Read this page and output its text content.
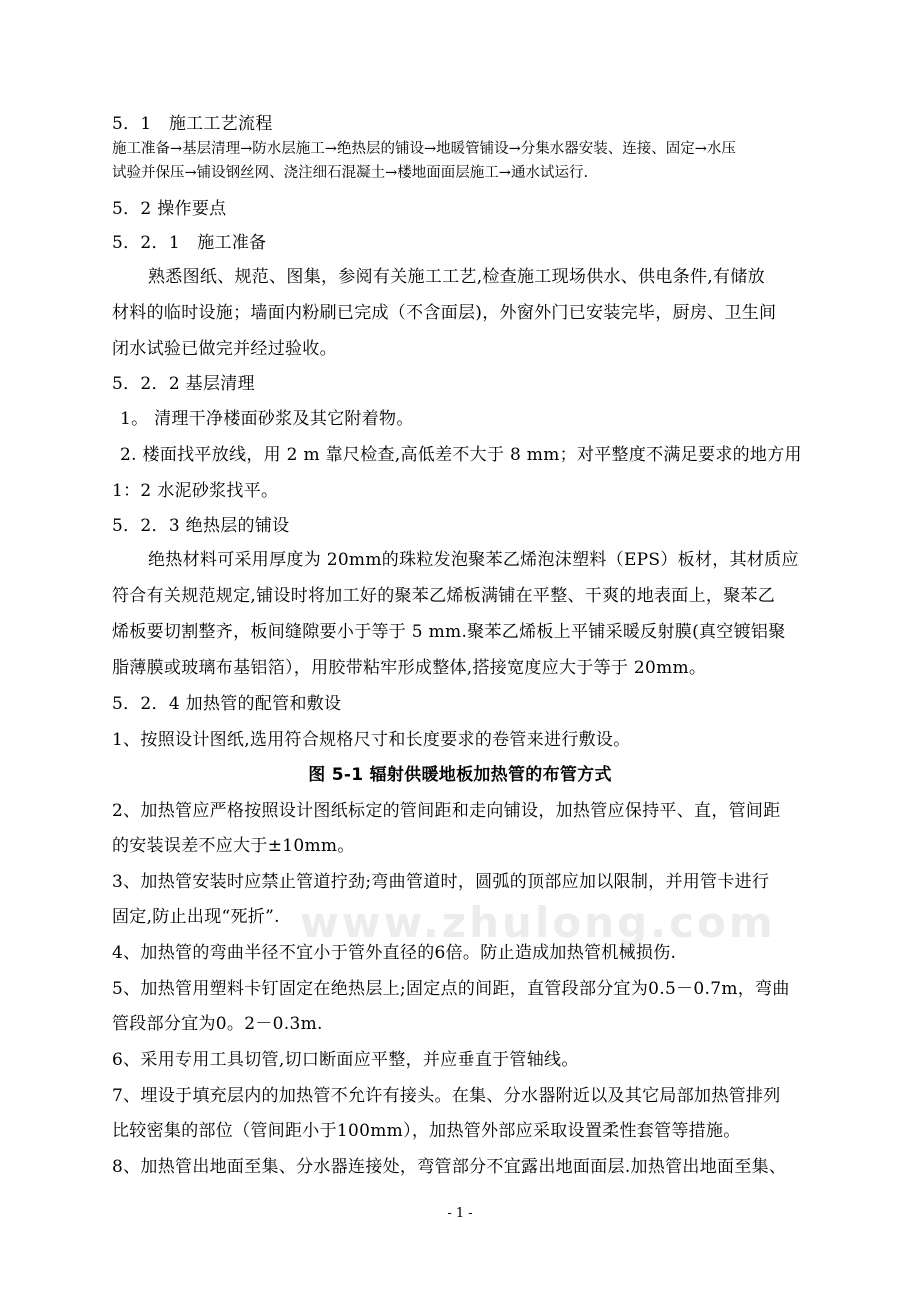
www.zhulong.com
5．1　施工工艺流程
施工准备→基层清理→防水层施工→绝热层的铺设→地暖管铺设→分集水器安装、连接、固定→水压
试验并保压→铺设钢丝网、浇注细石混凝土→楼地面面层施工→通水试运行.
5．2 操作要点
5．2．1　施工准备
熟悉图纸、规范、图集，参阅有关施工工艺,检查施工现场供水、供电条件,有储放
材料的临时设施；墙面内粉刷已完成（不含面层)，外窗外门已安装完毕，厨房、卫生间
闭水试验已做完并经过验收。
5．2．2 基层清理
1。 清理干净楼面砂浆及其它附着物。
2. 楼面找平放线，用 2 m 靠尺检查,高低差不大于 8 mm；对平整度不满足要求的地方用
1：2 水泥砂浆找平。
5．2．3 绝热层的铺设
绝热材料可采用厚度为 20mm的珠粒发泡聚苯乙烯泡沫塑料（EPS）板材，其材质应
符合有关规范规定,铺设时将加工好的聚苯乙烯板满铺在平整、干爽的地表面上，聚苯乙
烯板要切割整齐，板间缝隙要小于等于 5 mm.聚苯乙烯板上平铺采暖反射膜(真空镀铝聚
脂薄膜或玻璃布基铝箔），用胶带粘牢形成整体,搭接宽度应大于等于 20mm。
5．2．4 加热管的配管和敷设
1、按照设计图纸,选用符合规格尺寸和长度要求的卷管来进行敷设。
图 5-1 辐射供暖地板加热管的布管方式
2、加热管应严格按照设计图纸标定的管间距和走向铺设，加热管应保持平、直，管间距
的安装误差不应大于±10mm。
3、加热管安装时应禁止管道拧劲;弯曲管道时，圆弧的顶部应加以限制，并用管卡进行
固定,防止出现“死折”.
4、加热管的弯曲半径不宜小于管外直径的6倍。防止造成加热管机械损伤.
5、加热管用塑料卡钉固定在绝热层上;固定点的间距，直管段部分宜为0.5－0.7m，弯曲
管段部分宜为0。2－0.3m.
6、采用专用工具切管,切口断面应平整，并应垂直于管轴线。
7、埋设于填充层内的加热管不允许有接头。在集、分水器附近以及其它局部加热管排列
比较密集的部位（管间距小于100mm），加热管外部应采取设置柔性套管等措施。
8、加热管出地面至集、分水器连接处，弯管部分不宜露出地面面层.加热管出地面至集、
- 1 -
